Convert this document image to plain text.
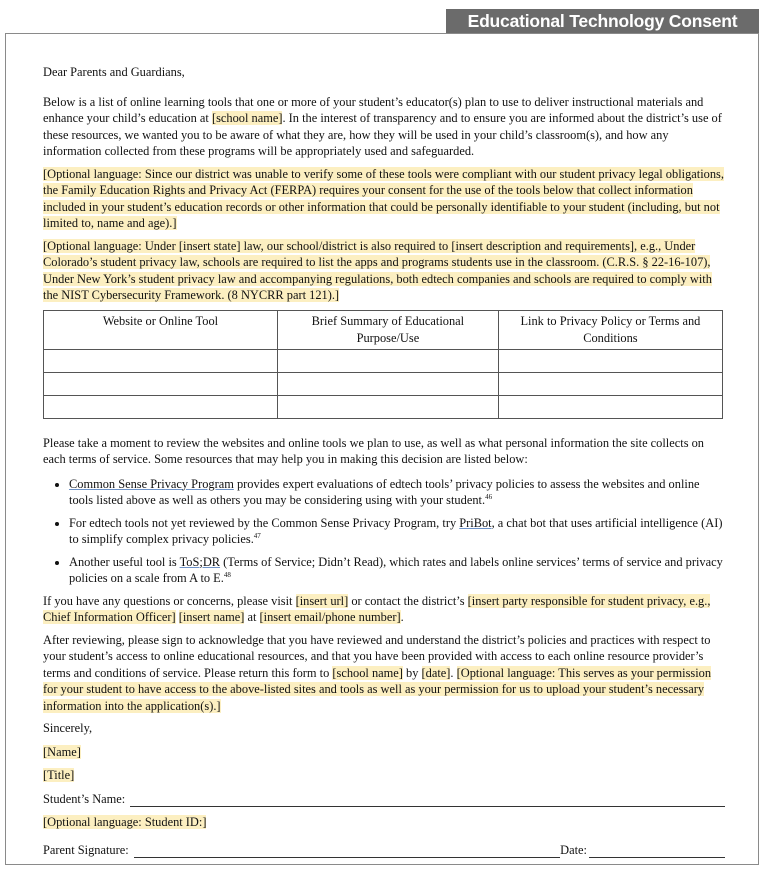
Educational Technology Consent Form

Dear Parents and Guardians,

Below is a list of online learning tools that one or more of your student’s educator(s) plan to use to deliver instructional materials and enhance your child’s education at [school name]. In the interest of transparency and to ensure you are informed about the district’s use of these resources, we wanted you to be aware of what they are, how they will be used in your child’s classroom(s), and how any information collected from these programs will be appropriately used and safeguarded.

[Optional language: Since our district was unable to verify some of these tools were compliant with our student privacy legal obligations, the Family Education Rights and Privacy Act (FERPA) requires your consent for the use of the tools below that collect information included in your student’s education records or other information that could be personally identifiable to your student (including, but not limited to, name and age).]

[Optional language: Under [insert state] law, our school/district is also required to [insert description and requirements], e.g., Under Colorado’s student privacy law, schools are required to list the apps and programs students use in the classroom. (C.R.S. § 22-16-107), Under New York’s student privacy law and accompanying regulations, both edtech companies and schools are required to comply with the NIST Cybersecurity Framework. (8 NYCRR part 121).]

Website or Online Tool	Brief Summary of Educational Purpose/Use	Link to Privacy Policy or Terms and Conditions

Please take a moment to review the websites and online tools we plan to use, as well as what personal information the site collects on each terms of service. Some resources that may help you in making this decision are listed below:

• Common Sense Privacy Program provides expert evaluations of edtech tools’ privacy policies to assess the websites and online tools listed above as well as others you may be considering using with your student.$^{46}$
• For edtech tools not yet reviewed by the Common Sense Privacy Program, try PriBot, a chat bot that uses artificial intelligence (AI) to simplify complex privacy policies.$^{47}$
• Another useful tool is ToS;DR (Terms of Service; Didn’t Read), which rates and labels online services’ terms of service and privacy policies on a scale from A to E.$^{48}$

If you have any questions or concerns, please visit [insert url] or contact the district’s [insert party responsible for student privacy, e.g., Chief Information Officer] [insert name] at [insert email/phone number].

After reviewing, please sign to acknowledge that you have reviewed and understand the district’s policies and practices with respect to your student’s access to online educational resources, and that you have been provided with access to each online resource provider’s terms and conditions of service. Please return this form to [school name] by [date]. [Optional language: This serves as your permission for your student to have access to the above-listed sites and tools as well as your permission for us to upload your student’s necessary information into the application(s).]

Sincerely,

[Name]

[Title]

Student’s Name:

[Optional language: Student ID:]

Parent Signature:	Date:
